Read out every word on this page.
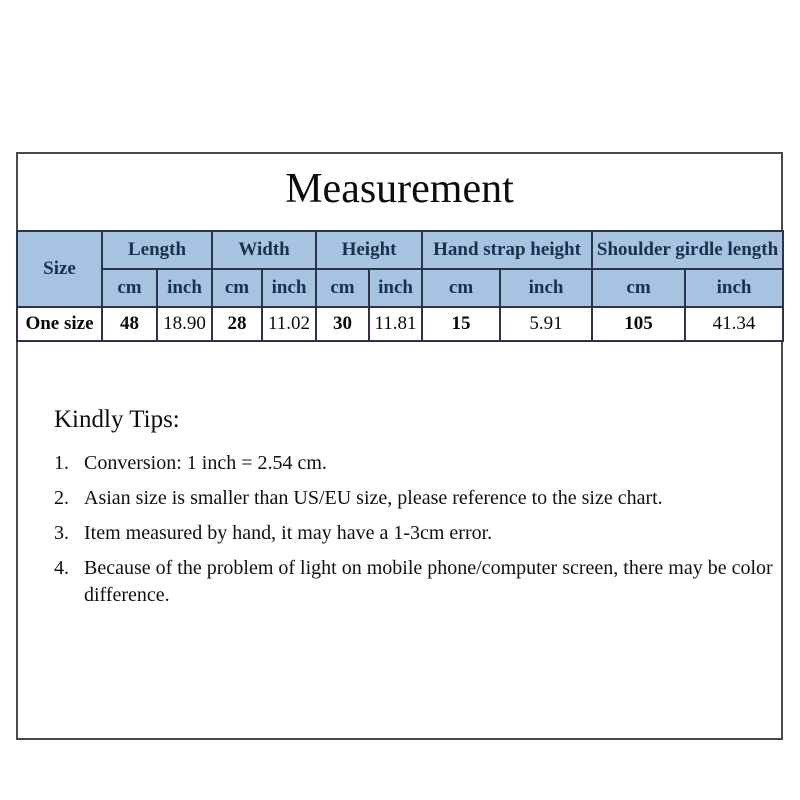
Measurement
Size	Length		Width		Height		Hand strap height		Shoulder girdle length	
	cm	inch	cm	inch	cm	inch	cm	inch	cm	inch
One size	48	18.90	28	11.02	30	11.81	15	5.91	105	41.34
Kindly Tips:
1. Conversion: 1 inch = 2.54 cm.
2. Asian size is smaller than US/EU size, please reference to the size chart.
3. Item measured by hand, it may have a 1-3cm error.
4. Because of the problem of light on mobile phone/computer screen, there may be color difference.
